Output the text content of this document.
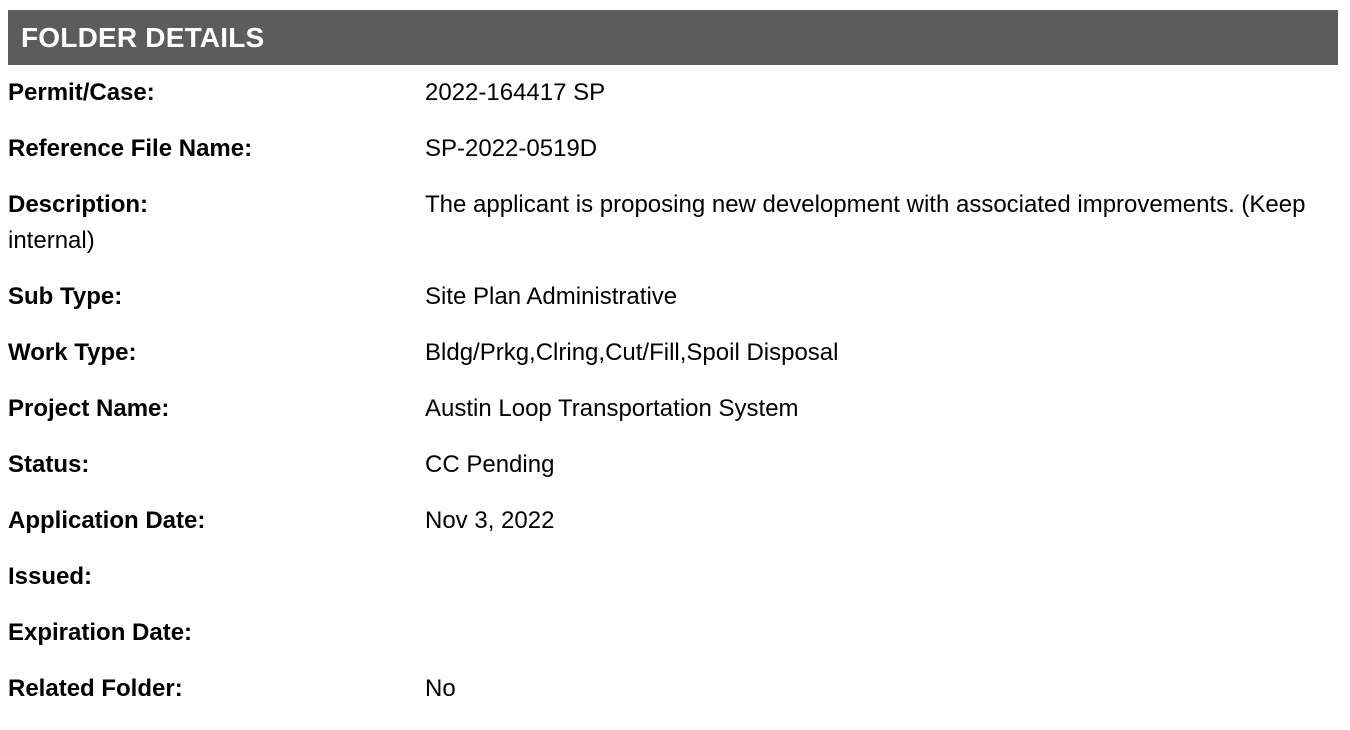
FOLDER DETAILS
Permit/Case:	2022-164417 SP
Reference File Name:	SP-2022-0519D
Description:	The applicant is proposing new development with associated improvements. (Keep internal)
Sub Type:	Site Plan Administrative
Work Type:	Bldg/Prkg,Clring,Cut/Fill,Spoil Disposal
Project Name:	Austin Loop Transportation System
Status:	CC Pending
Application Date:	Nov 3, 2022
Issued:
Expiration Date:
Related Folder:	No
